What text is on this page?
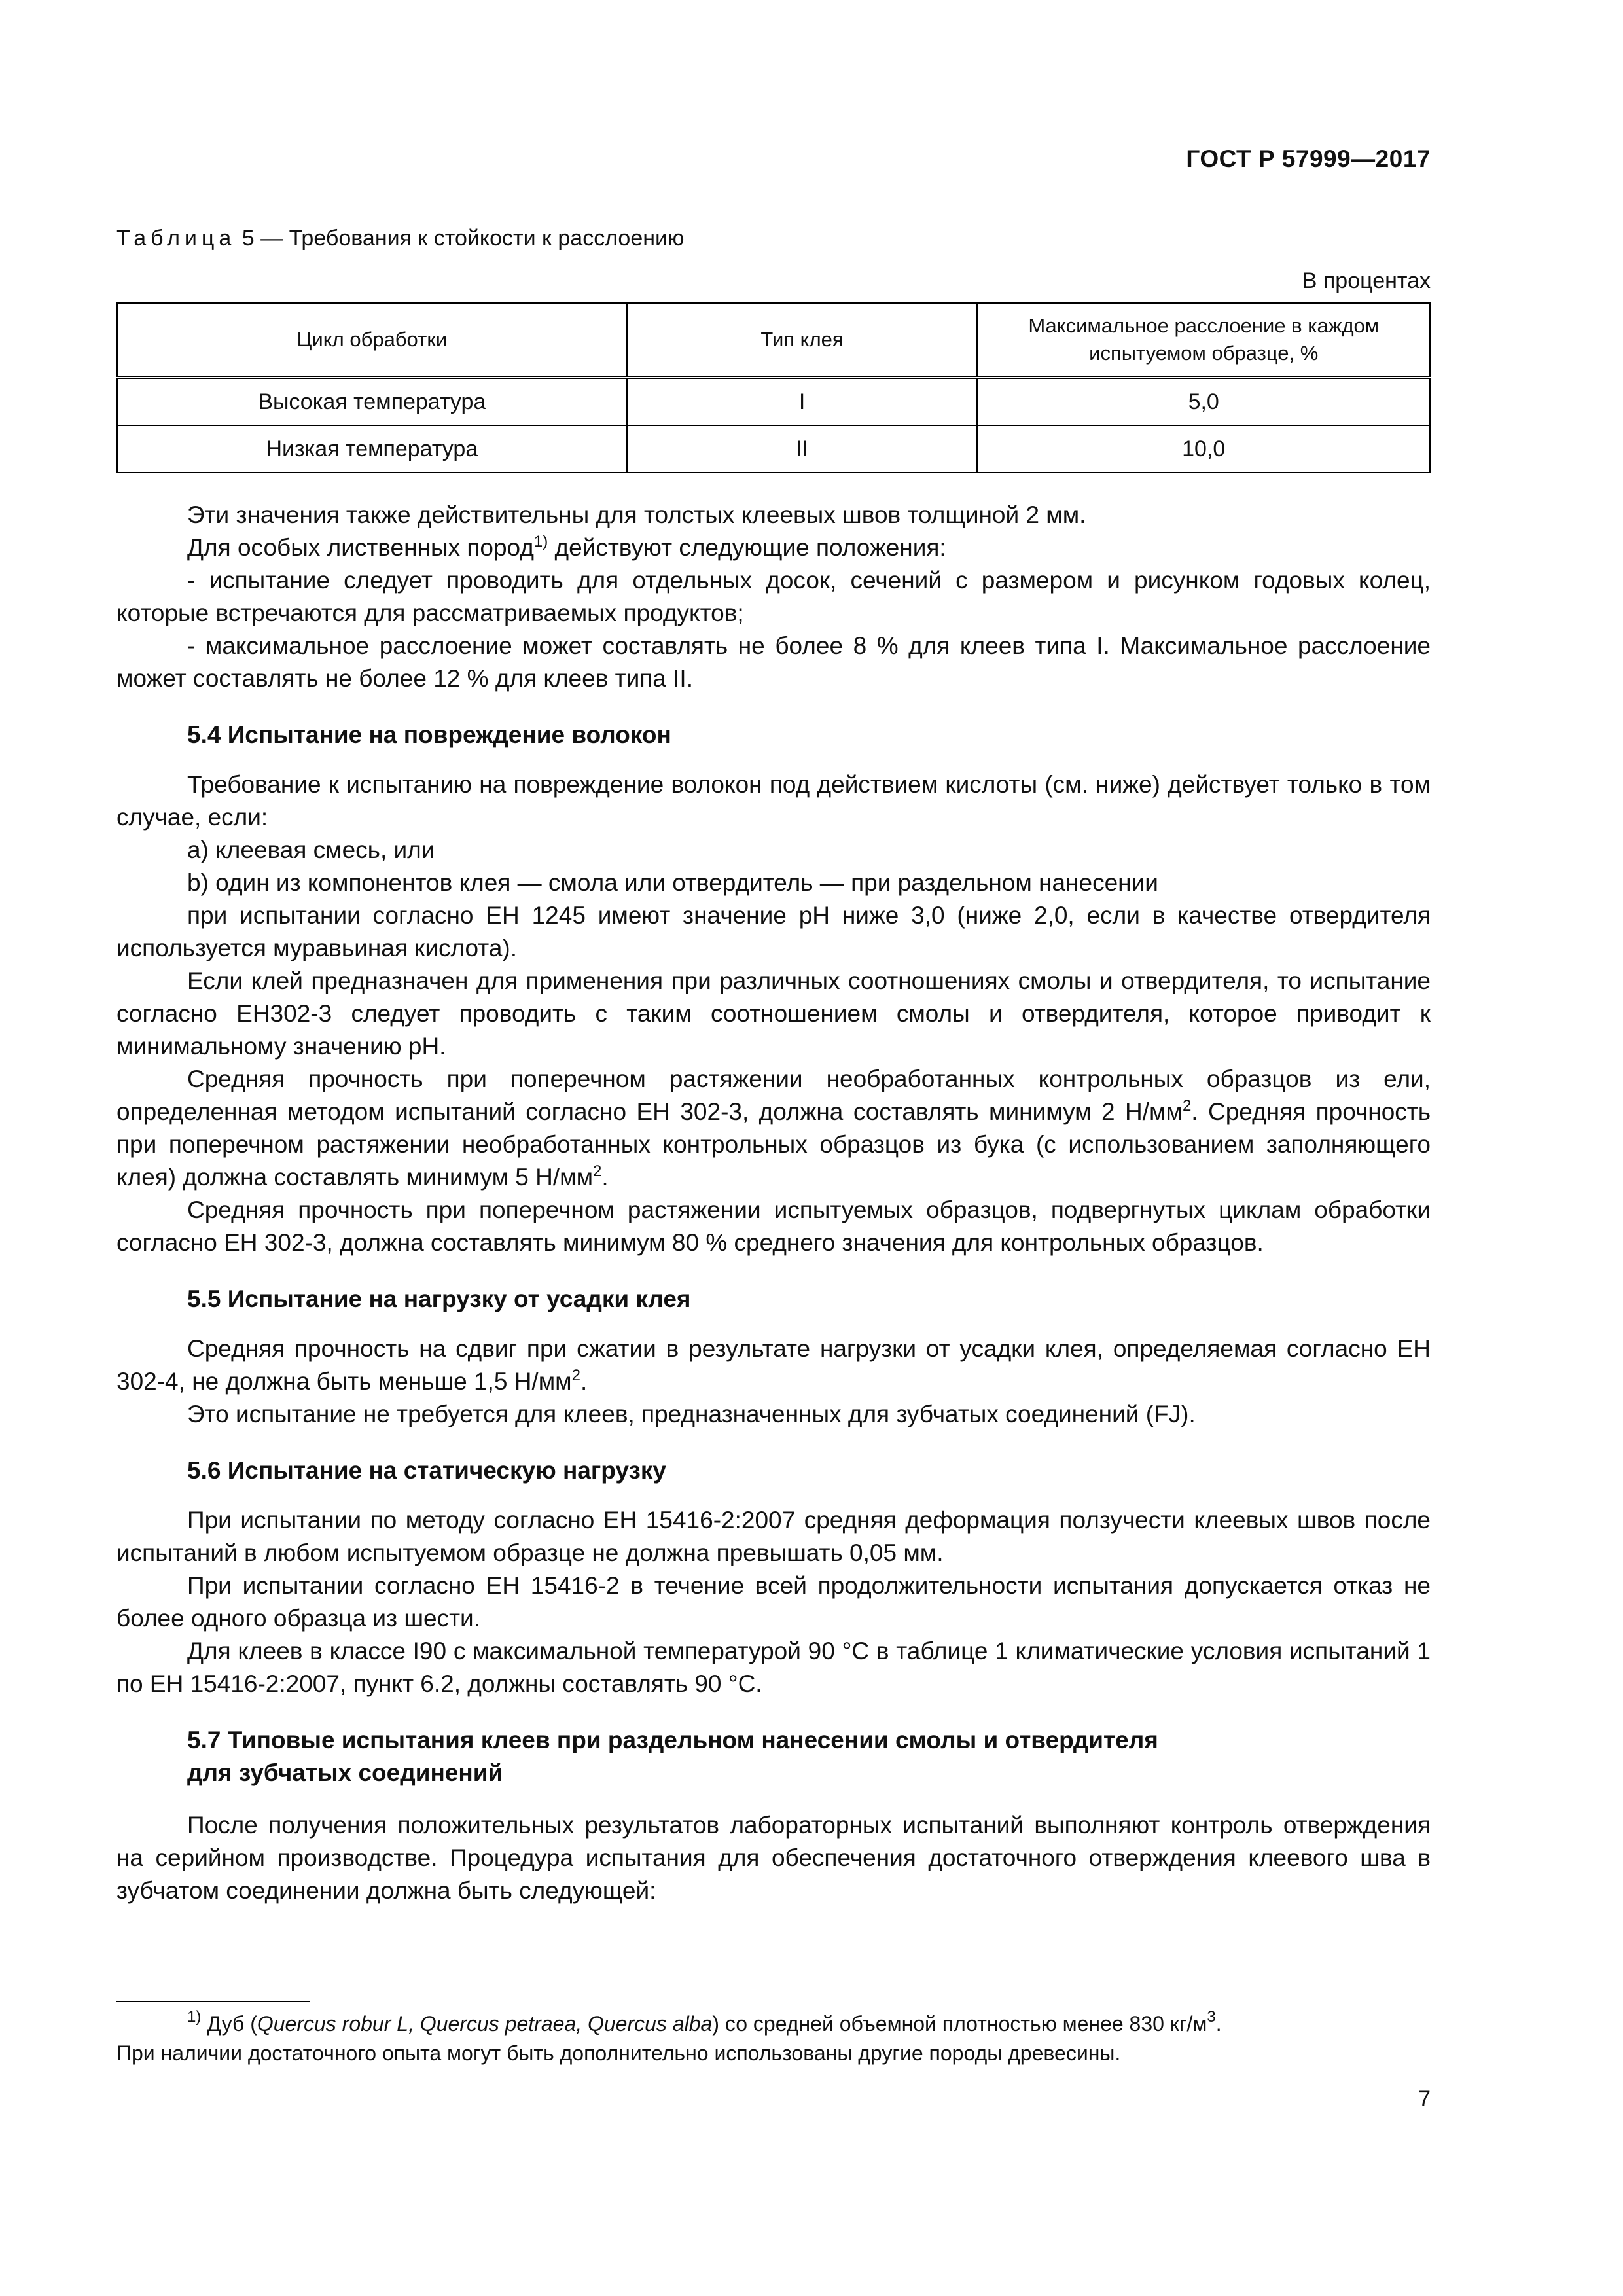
ГОСТ Р 57999—2017
Таблица 5 — Требования к стойкости к расслоению
В процентах
Цикл обработки	Тип клея	Максимальное расслоение в каждом испытуемом образце, %
Высокая температура	I	5,0
Низкая температура	II	10,0

Эти значения также действительны для толстых клеевых швов толщиной 2 мм.

Для особых лиственных пород$^{1)}$ действуют следующие положения:

- испытание следует проводить для отдельных досок, сечений с размером и рисунком годовых колец, которые встречаются для рассматриваемых продуктов;

- максимальное расслоение может составлять не более 8 % для клеев типа I. Максимальное расслоение может составлять не более 12 % для клеев типа II.

5.4 Испытание на повреждение волокон

Требование к испытанию на повреждение волокон под действием кислоты (см. ниже) действует только в том случае, если:

a) клеевая смесь, или

b) один из компонентов клея — смола или отвердитель — при раздельном нанесении

при испытании согласно ЕН 1245 имеют значение pH ниже 3,0 (ниже 2,0, если в качестве отвердителя используется муравьиная кислота).

Если клей предназначен для применения при различных соотношениях смолы и отвердителя, то испытание согласно ЕН302-3 следует проводить с таким соотношением смолы и отвердителя, которое приводит к минимальному значению pH.

Средняя прочность при поперечном растяжении необработанных контрольных образцов из ели, определенная методом испытаний согласно ЕН 302-3, должна составлять минимум 2 $Н/мм^2$. Средняя прочность при поперечном растяжении необработанных контрольных образцов из бука (с использованием заполняющего клея) должна составлять минимум 5 $Н/мм^2$.

Средняя прочность при поперечном растяжении испытуемых образцов, подвергнутых циклам обработки согласно ЕН 302-3, должна составлять минимум 80 % среднего значения для контрольных образцов.

5.5 Испытание на нагрузку от усадки клея

Средняя прочность на сдвиг при сжатии в результате нагрузки от усадки клея, определяемая согласно ЕН 302-4, не должна быть меньше 1,5 $Н/мм^2$.

Это испытание не требуется для клеев, предназначенных для зубчатых соединений (FJ).

5.6 Испытание на статическую нагрузку

При испытании по методу согласно ЕН 15416-2:2007 средняя деформация ползучести клеевых швов после испытаний в любом испытуемом образце не должна превышать 0,05 мм.

При испытании согласно ЕН 15416-2 в течение всей продолжительности испытания допускается отказ не более одного образца из шести.

Для клеев в классе I90 с максимальной температурой 90 °C в таблице 1 климатические условия испытаний 1 по ЕН 15416-2:2007, пункт 6.2, должны составлять 90 °C.

5.7 Типовые испытания клеев при раздельном нанесении смолы и отвердителя
для зубчатых соединений

После получения положительных результатов лабораторных испытаний выполняют контроль отверждения на серийном производстве. Процедура испытания для обеспечения достаточного отверждения клеевого шва в зубчатом соединении должна быть следующей:

$^{1)}$ Дуб (Quercus robur L, Quercus petraea, Quercus alba) со средней объемной плотностью менее 830 $кг/м^3$.

При наличии достаточного опыта могут быть дополнительно использованы другие породы древесины.

7
